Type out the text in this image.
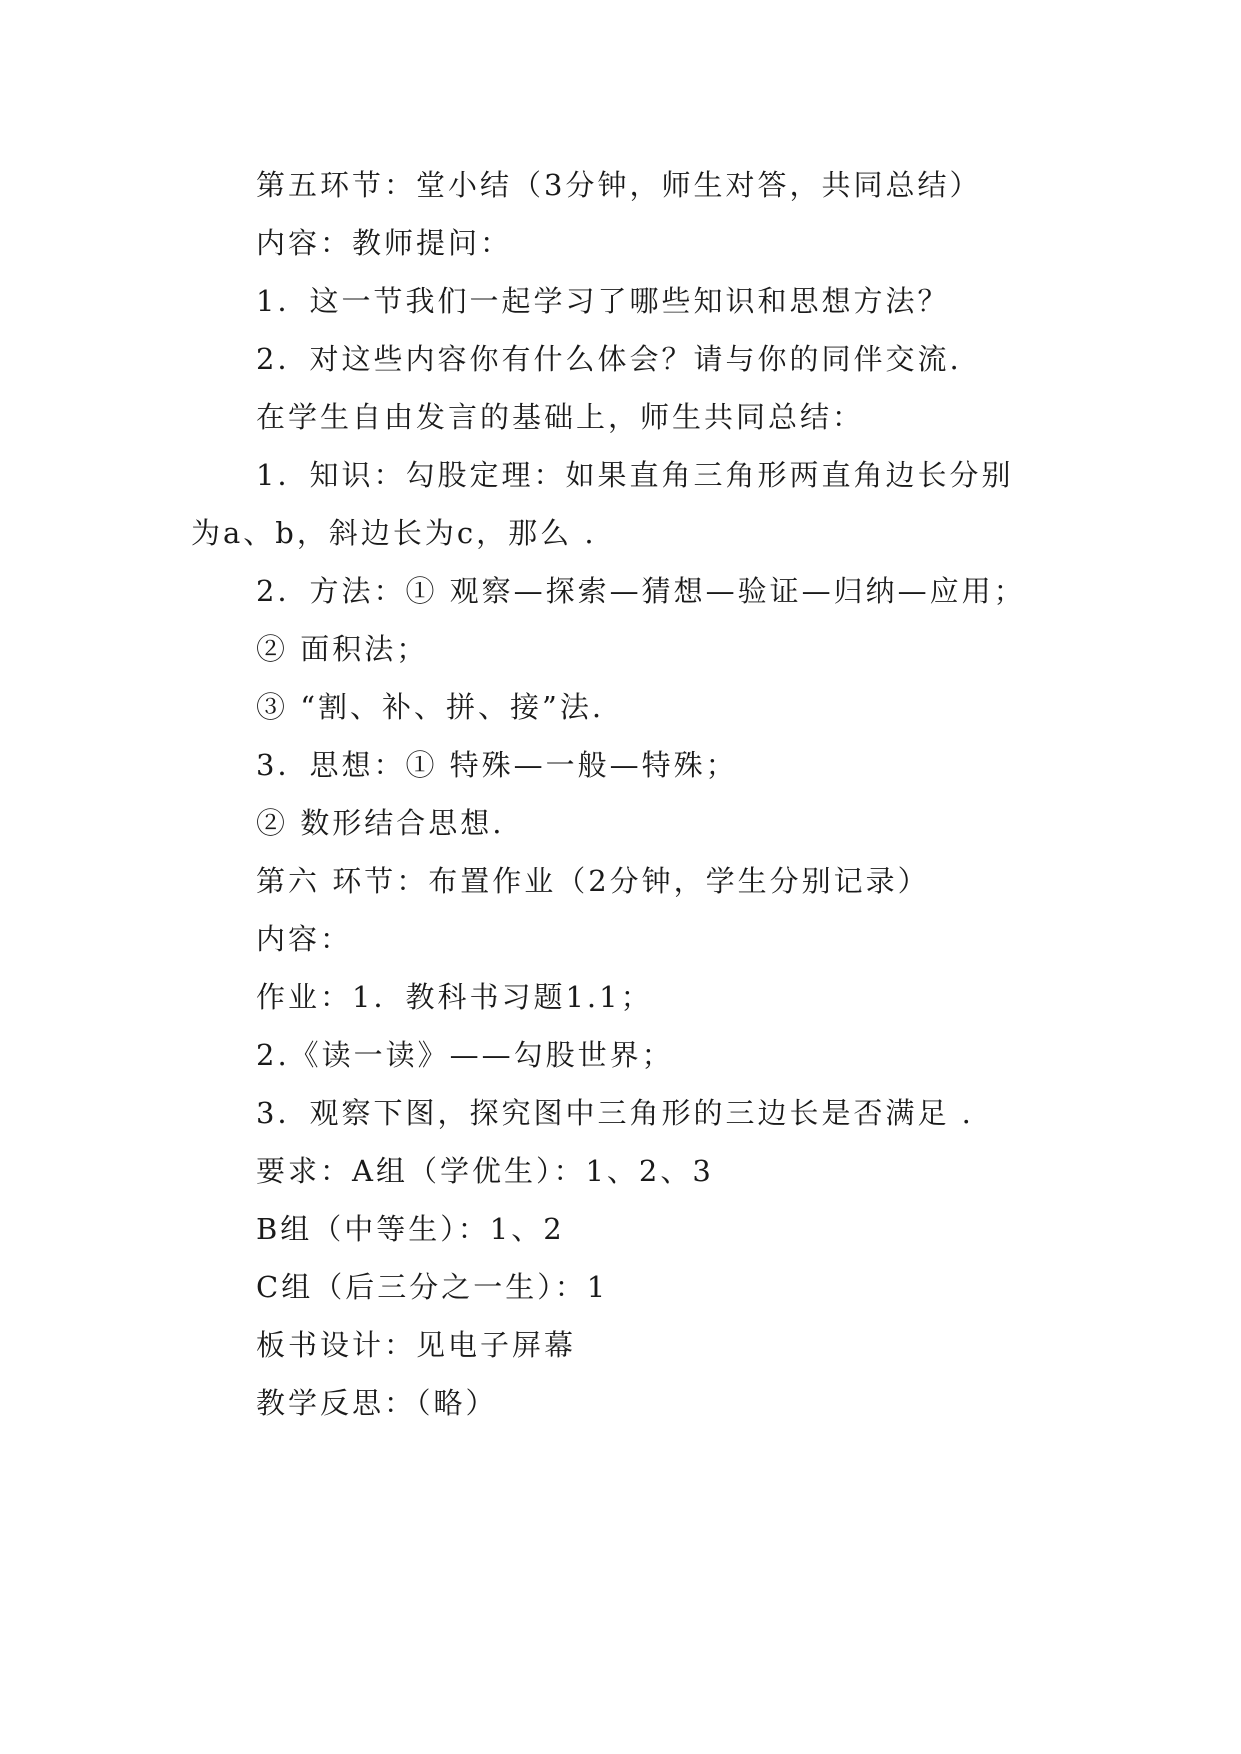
第五环节：堂小结（3分钟，师生对答，共同总结）
内容：教师提问：
1．这一节我们一起学习了哪些知识和思想方法？
2．对这些内容你有什么体会？请与你的同伴交流.
在学生自由发言的基础上，师生共同总结：
1．知识：勾股定理：如果直角三角形两直角边长分别
为a、b，斜边长为c，那么 .
2．方法：① 观察—探索—猜想—验证—归纳—应用；
② 面积法；
③ “割、补、拼、接”法.
3．思想：① 特殊—一般—特殊；
② 数形结合思想.
第六 环节：布置作业（2分钟，学生分别记录）
内容：
作业：1．教科书习题1.1；
2.《读一读》——勾股世界；
3．观察下图，探究图中三角形的三边长是否满足 .
要求：A组（学优生）：1、2、3
B组（中等生）：1、2
C组（后三分之一生）：1
板书设计：见电子屏幕
教学反思：（略）
